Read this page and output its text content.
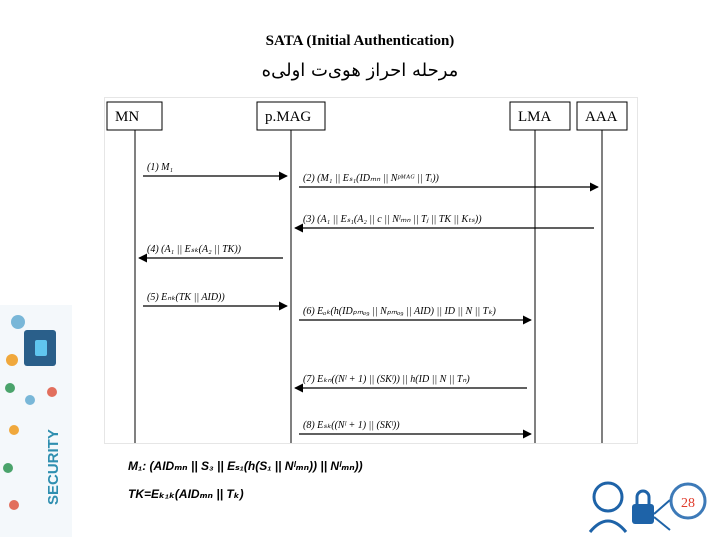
SATA (Initial Authentication)
مرحله احراز هوی‌ت اولی‌ه
MN	p.MAG	LMA AAA
(1) M₁
(2) (M₁ || Eₛ₁(IDₘₙ || Nᵖᴹᴬᴳ || Tᵢ))
(3) (A₁ || Eₛ₁(A₂ || c || Nˡₘₙ || Tⱼ || TK || Kₜₛ))
(4) (A₁ || Eₛₖ(A₂ || TK))
(5) Eₙₖ(TK || AID))
(6) Eₐₖ(h(IDₚₘₐ₉ || Nₚₘₐ₉ || AID) || ID || N || Tₖ)
(7) Eₖₙ((Nˡ + 1) || (SKˡ)) || h(ID || N || Tₙ)
(8) Eₛₖ((Nˡ + 1) || (SKˡ))
SECURITY	M₁: (AIDₘₙ || S₃ || Eₛ₁(h(S₁ || Nˡₘₙ)) || Nˡₘₙ))
TK=Eₖ₁ₖ(AIDₘₙ || Tₖ)
28
